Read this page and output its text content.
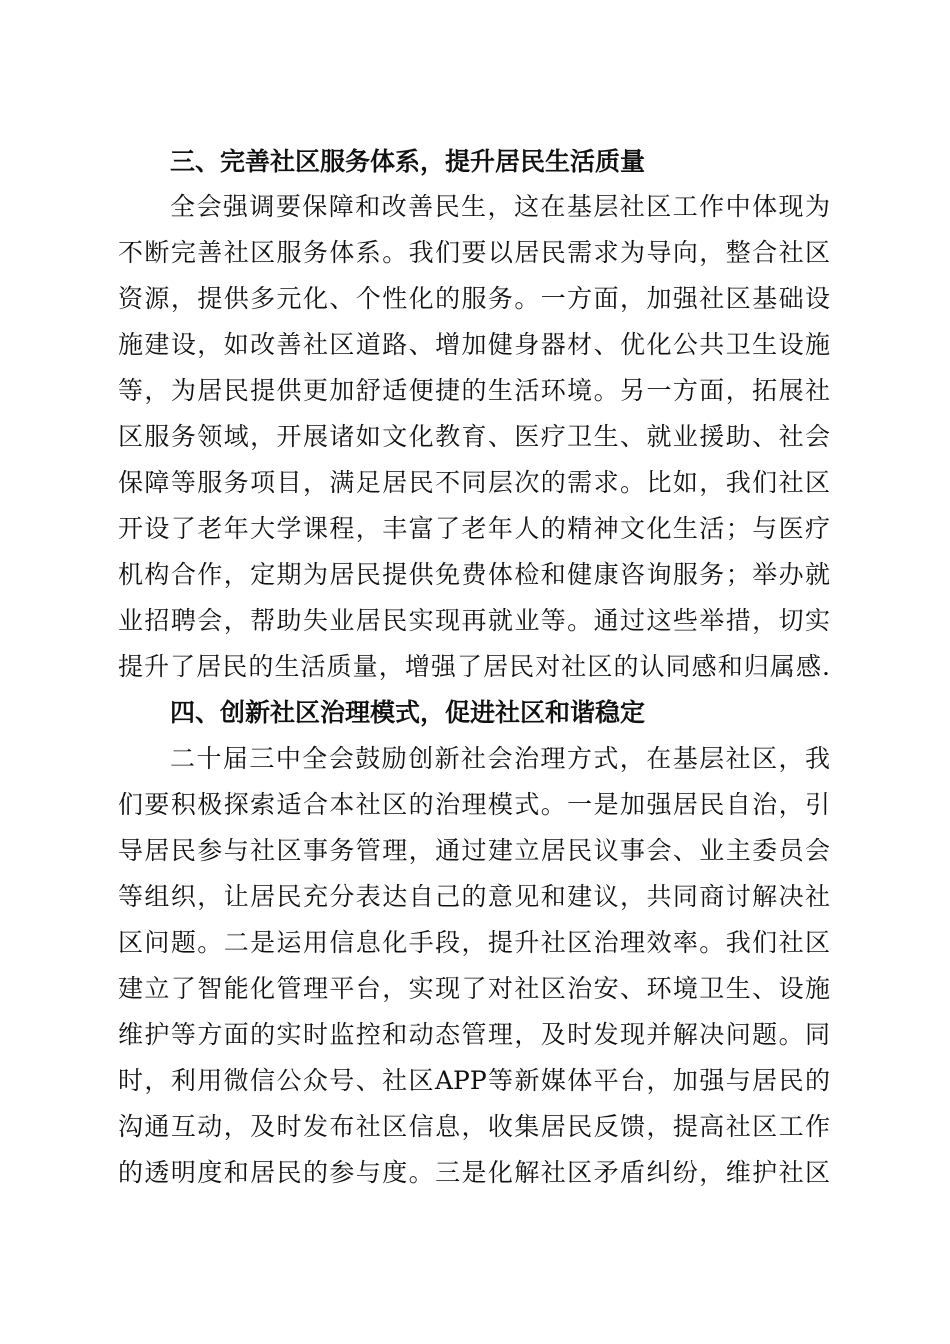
三、完善社区服务体系，提升居民生活质量
全会强调要保障和改善民生，这在基层社区工作中体现为
不断完善社区服务体系。我们要以居民需求为导向，整合社区
资源，提供多元化、个性化的服务。一方面，加强社区基础设
施建设，如改善社区道路、增加健身器材、优化公共卫生设施
等，为居民提供更加舒适便捷的生活环境。另一方面，拓展社
区服务领域，开展诸如文化教育、医疗卫生、就业援助、社会
保障等服务项目，满足居民不同层次的需求。比如，我们社区
开设了老年大学课程，丰富了老年人的精神文化生活；与医疗
机构合作，定期为居民提供免费体检和健康咨询服务；举办就
业招聘会，帮助失业居民实现再就业等。通过这些举措，切实
提升了居民的生活质量，增强了居民对社区的认同感和归属感.
四、创新社区治理模式，促进社区和谐稳定
二十届三中全会鼓励创新社会治理方式，在基层社区，我
们要积极探索适合本社区的治理模式。一是加强居民自治，引
导居民参与社区事务管理，通过建立居民议事会、业主委员会
等组织，让居民充分表达自己的意见和建议，共同商讨解决社
区问题。二是运用信息化手段，提升社区治理效率。我们社区
建立了智能化管理平台，实现了对社区治安、环境卫生、设施
维护等方面的实时监控和动态管理，及时发现并解决问题。同
时，利用微信公众号、社区APP等新媒体平台，加强与居民的
沟通互动，及时发布社区信息，收集居民反馈，提高社区工作
的透明度和居民的参与度。三是化解社区矛盾纠纷，维护社区
